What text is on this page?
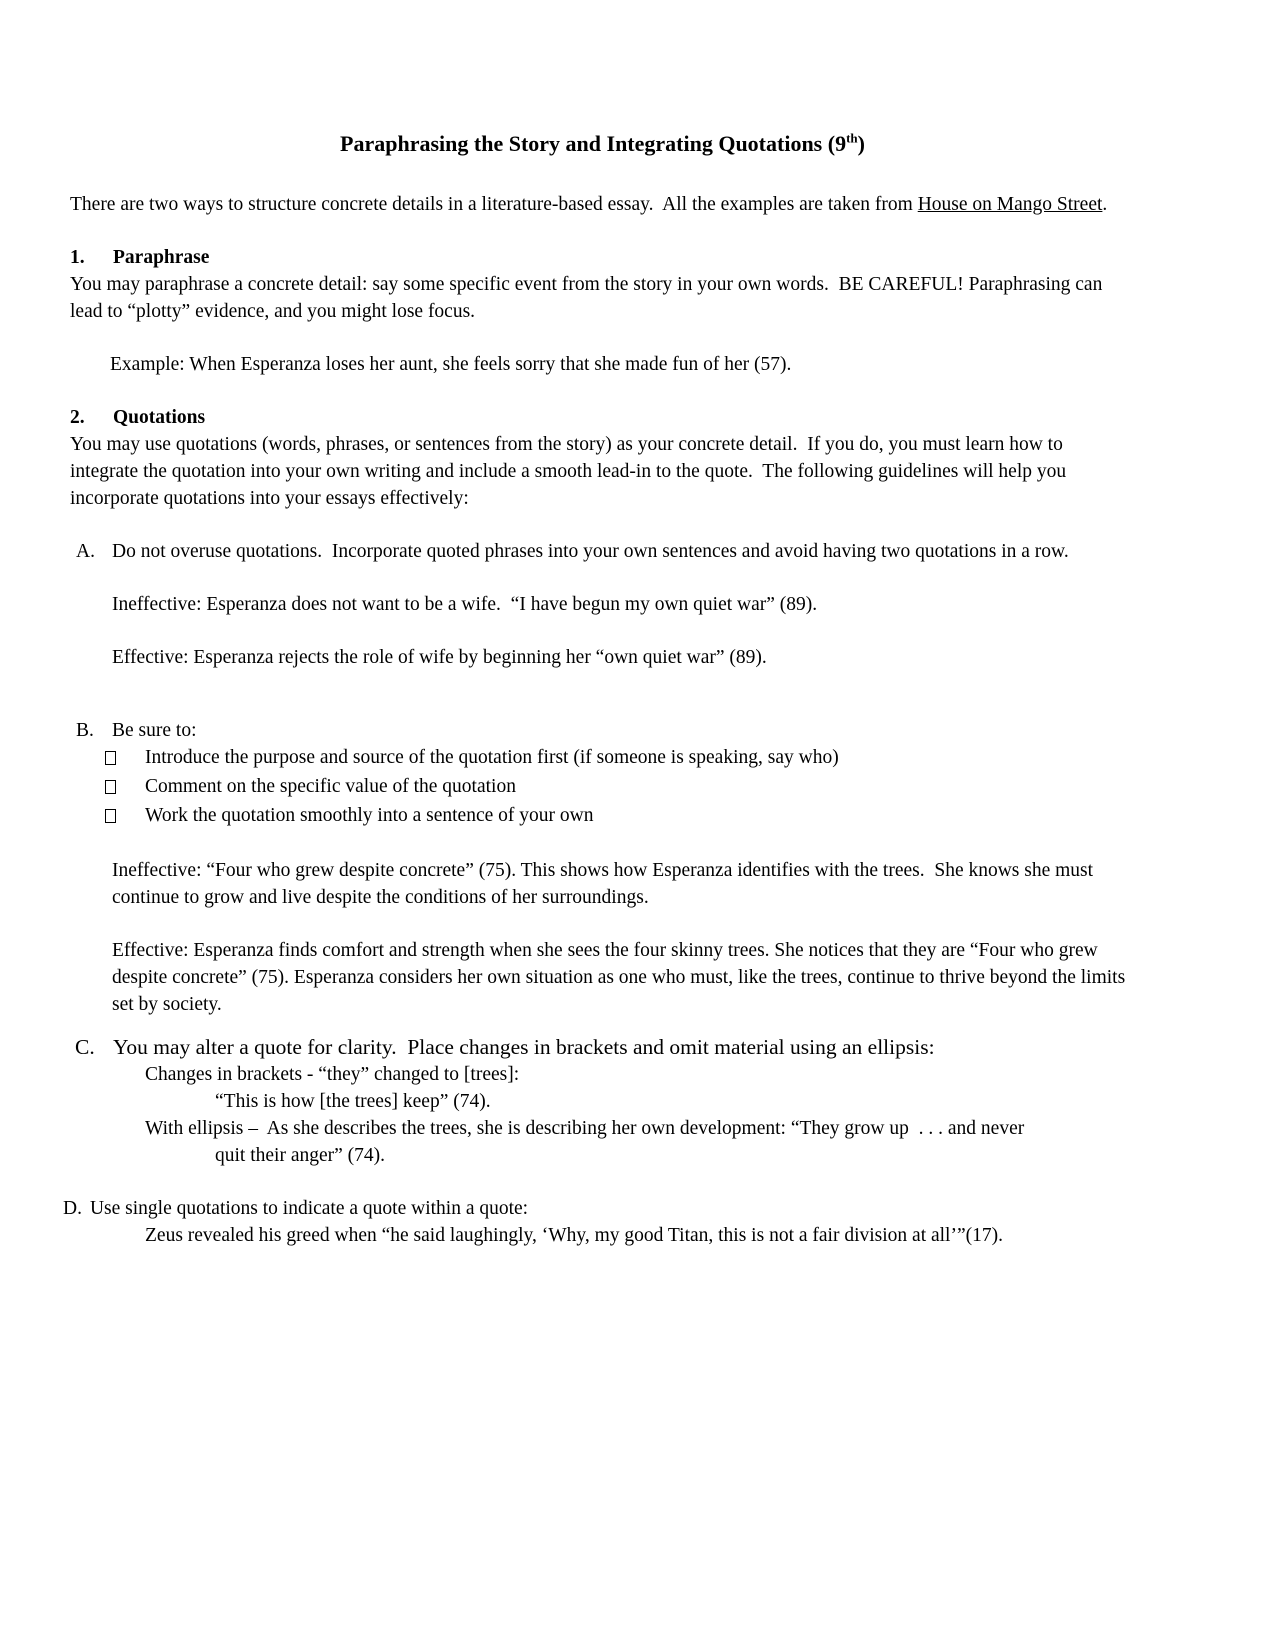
Paraphrasing the Story and Integrating Quotations (9th)

There are two ways to structure concrete details in a literature-based essay.  All the examples are taken from House on Mango Street.

1.	Paraphrase

You may paraphrase a concrete detail: say some specific event from the story in your own words.  BE CAREFUL! Paraphrasing can lead to “plotty” evidence, and you might lose focus.

Example: When Esperanza loses her aunt, she feels sorry that she made fun of her (57).

2.	Quotations

You may use quotations (words, phrases, or sentences from the story) as your concrete detail.  If you do, you must learn how to integrate the quotation into your own writing and include a smooth lead-in to the quote.  The following guidelines will help you incorporate quotations into your essays effectively:

A. Do not overuse quotations.  Incorporate quoted phrases into your own sentences and avoid having two quotations in a row.

Ineffective: Esperanza does not want to be a wife.  “I have begun my own quiet war” (89).

Effective: Esperanza rejects the role of wife by beginning her “own quiet war” (89).

B. Be sure to:
Introduce the purpose and source of the quotation first (if someone is speaking, say who)
Comment on the specific value of the quotation
Work the quotation smoothly into a sentence of your own

Ineffective: “Four who grew despite concrete” (75). This shows how Esperanza identifies with the trees.  She knows she must continue to grow and live despite the conditions of her surroundings.

Effective: Esperanza finds comfort and strength when she sees the four skinny trees. She notices that they are “Four who grew despite concrete” (75). Esperanza considers her own situation as one who must, like the trees, continue to thrive beyond the limits set by society.

C. You may alter a quote for clarity.  Place changes in brackets and omit material using an ellipsis:

Changes in brackets - “they” changed to [trees]:

“This is how [the trees] keep” (74).

With ellipsis –  As she describes the trees, she is describing her own development: “They grow up  . . . and never

quit their anger” (74).

D. Use single quotations to indicate a quote within a quote:

Zeus revealed his greed when “he said laughingly, ‘Why, my good Titan, this is not a fair division at all’”(17).
